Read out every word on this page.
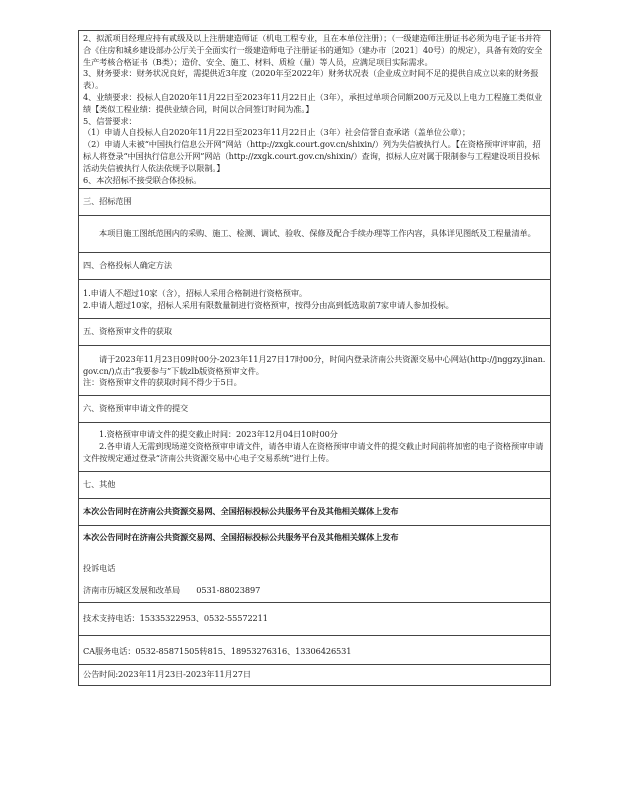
2、拟派项目经理应持有贰级及以上注册建造师证（机电工程专业，且在本单位注册）；（一级建造师注册证书必须为电子证书并符合《住房和城乡建设部办公厅关于全面实行一级建造师电子注册证书的通知》（建办市〔2021〕40号）的规定），具备有效的安全生产考核合格证书（B类）；造价、安全、施工、材料、质检（量）等人员，应满足项目实际需求。

3、财务要求：财务状况良好，需提供近3年度（2020年至2022年）财务状况表（企业成立时间不足的提供自成立以来的财务报表）。

4、业绩要求：投标人自2020年11月22日至2023年11月22日止（3年），承担过单项合同额200万元及以上电力工程施工类似业绩【类似工程业绩：提供业绩合同，时间以合同签订时间为准。】

5、信誉要求：

（1）申请人自投标人自2020年11月22日至2023年11月22日止（3年）社会信誉自查承诺（盖单位公章）；

（2）申请人未被“中国执行信息公开网”网站（http://zxgk.court.gov.cn/shixin/）列为失信被执行人。【在资格预审评审前，招标人将登录“中国执行信息公开网”网站（http://zxgk.court.gov.cn/shixin/）查询，拟标人应对属于限制参与工程建设项目投标活动失信被执行人依法依规予以限制。】

6、本次招标不接受联合体投标。

三、招标范围

本项目施工图纸范围内的采购、施工、检测、调试、验收、保修及配合手续办理等工作内容，具体详见图纸及工程量清单。

四、合格投标人确定方法

1.申请人不超过10家（含），招标人采用合格制进行资格预审。

2.申请人超过10家，招标人采用有限数量制进行资格预审，按得分由高到低选取前7家申请人参加投标。

五、资格预审文件的获取

请于2023年11月23日09时00分-2023年11月27日17时00分，时间内登录济南公共资源交易中心网站(http://jnggzy.jinan.gov.cn/)点击“我要参与”下载zlb版资格预审文件。

注：资格预审文件的获取时间不得少于5日。

六、资格预审申请文件的提交

1.资格预审申请文件的提交截止时间：2023年12月04日10时00分

2.各申请人无需到现场递交资格预审申请文件，请各申请人在资格预审申请文件的提交截止时间前将加密的电子资格预审申请文件按规定通过登录“济南公共资源交易中心电子交易系统”进行上传。

七、其他
本次公告同时在济南公共资源交易网、全国招标投标公共服务平台及其他相关媒体上发布

本次公告同时在济南公共资源交易网、全国招标投标公共服务平台及其他相关媒体上发布

投诉电话

济南市历城区发展和改革局　　0531-88023897

技术支持电话：15335322953、0532-55572211

CA服务电话：0532-85871505转815、18953276316、13306426531

公告时间:2023年11月23日-2023年11月27日
